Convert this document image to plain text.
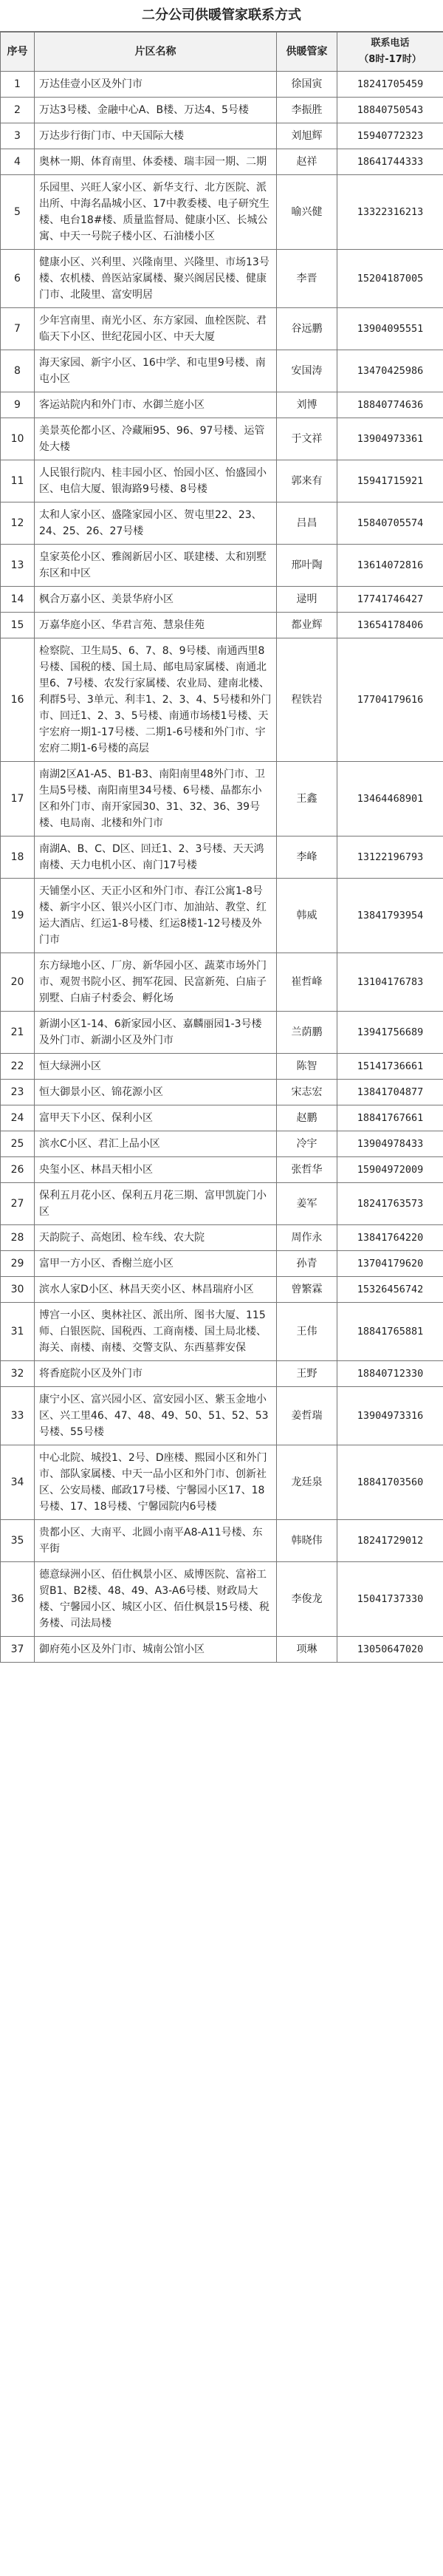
二分公司供暖管家联系方式
序号	片区名称	供暖管家	联系电话
（8时-17时）

1	万达佳壹小区及外门市	徐国寅	18241705459
2	万达3号楼、金融中心A、B楼、万达4、5号楼	李振胜	18840750543
3	万达步行街门市、中天国际大楼	刘旭辉	15940772323
4	奥林一期、体育南里、体委楼、瑞丰园一期、二期	赵祥	18641744333
5	乐园里、兴旺人家小区、新华支行、北方医院、派出所、中海名晶城小区、17中教委楼、电子研究生楼、电台18#楼、质量监督局、健康小区、长城公寓、中天一号院子楼小区、石油楼小区	喻兴健	13322316213
6	健康小区、兴利里、兴隆南里、兴隆里、市场13号楼、农机楼、兽医站家属楼、聚兴阁居民楼、健康门市、北陵里、富安明居	李晋	15204187005
7	少年宫南里、南光小区、东方家园、血栓医院、君临天下小区、世纪花园小区、中天大厦	谷远鹏	13904095551
8	海天家园、新宇小区、16中学、和屯里9号楼、南屯小区	安国涛	13470425986
9	客运站院内和外门市、水御兰庭小区	刘博	18840774636
10	美景英伦都小区、冷藏厢95、96、97号楼、运管处大楼	于文祥	13904973361
11	人民银行院内、桂丰园小区、怡园小区、怡盛园小区、电信大厦、银海路9号楼、8号楼	郭来有	15941715921
12	太和人家小区、盛隆家园小区、贺屯里22、23、24、25、26、27号楼	吕昌	15840705574
13	皇家英伦小区、雅阁新居小区、联建楼、太和别墅东区和中区	邢叶陶	13614072816
14	枫合万嘉小区、美景华府小区	逯明	17741746427
15	万嘉华庭小区、华君言苑、慧泉佳苑	都业辉	13654178406
16	检察院、卫生局5、6、7、8、9号楼、南通西里8号楼、国税的楼、国土局、邮电局家属楼、南通北里6、7号楼、农发行家属楼、农业局、建南北楼、利群5号、3单元、利丰1、2、3、4、5号楼和外门市、回迁1、2、3、5号楼、南通市场楼1号楼、天宇宏府一期1-17号楼、二期1-6号楼和外门市、宇宏府二期1-6号楼的高层	程铁岩	17704179616
17	南湖2区A1-A5、B1-B3、南阳南里48外门市、卫生局5号楼、南阳南里34号楼、6号楼、晶都东小区和外门市、南开家园30、31、32、36、39号楼、电局南、北楼和外门市	王鑫	13464468901
18	南湖A、B、C、D区、回迁1、2、3号楼、天天鸿南楼、天力电机小区、南门17号楼	李峰	13122196793
19	天铺堡小区、天正小区和外门市、春江公寓1-8号楼、新宇小区、银兴小区门市、加油站、教堂、红运大酒店、红运1-8号楼、红运8楼1-12号楼及外门市	韩威	13841793954
20	东方绿地小区、厂房、新华园小区、蔬菜市场外门市、观贺书院小区、拥军花园、民富新苑、白庙子别墅、白庙子村委会、孵化场	崔哲峰	13104176783
21	新湖小区1-14、6新家园小区、嘉麟丽园1-3号楼及外门市、新湖小区及外门市	兰荫鹏	13941756689
22	恒大绿洲小区	陈智	15141736661
23	恒大御景小区、锦花源小区	宋志宏	13841704877
24	富甲天下小区、保利小区	赵鹏	18841767661
25	滨水C小区、君汇上品小区	冷宇	13904978433
26	央玺小区、林昌天相小区	张哲华	15904972009
27	保利五月花小区、保利五月花三期、富甲凯旋门小区	姜军	18241763573
28	天韵院子、高炮团、检车线、农大院	周作永	13841764220
29	富甲一方小区、香榭兰庭小区	孙青	13704179620
30	滨水人家D小区、林昌天奕小区、林昌瑞府小区	曾繁霖	15326456742
31	博宫一小区、奥林社区、派出所、图书大厦、115师、白银医院、国税西、工商南楼、国土局北楼、海关、南楼、南楼、交警支队、东西墓葬安保	王伟	18841765881
32	将香庭院小区及外门市	王野	18840712330
33	康宁小区、富兴园小区、富安园小区、紫玉金地小区、兴工里46、47、48、49、50、51、52、53号楼、55号楼	姜哲瑞	13904973316
34	中心北院、城投1、2号、D座楼、熙园小区和外门市、部队家属楼、中天一品小区和外门市、创新社区、公安局楼、邮政17号楼、宁馨园小区17、18号楼、17、18号楼、宁馨园院内6号楼	龙廷泉	18841703560
35	贵都小区、大南平、北圆小南平A8-A11号楼、东平街	韩晓伟	18241729012
36	德意绿洲小区、佰仕枫景小区、威博医院、富裕工贸B1、B2楼、48、49、A3-A6号楼、财政局大楼、宁馨园小区、城区小区、佰仕枫景15号楼、税务楼、司法局楼	李俊龙	15041737330
37	御府苑小区及外门市、城南公馆小区	项琳	13050647020
